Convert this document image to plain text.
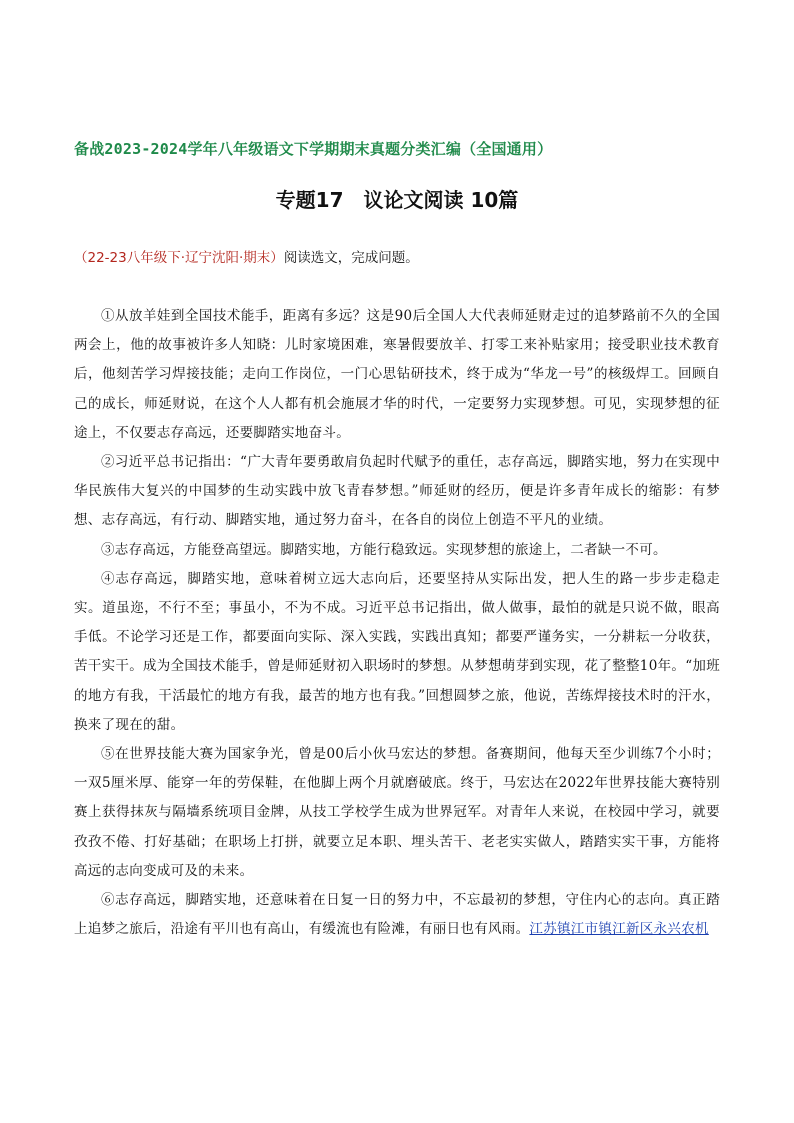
备战2023-2024学年八年级语文下学期期末真题分类汇编（全国通用）
专题17　议论文阅读 10篇
（22-23八年级下·辽宁沈阳·期末）阅读选文，完成问题。

①从放羊娃到全国技术能手，距离有多远？这是90后全国人大代表师延财走过的追梦路前不久的全国两会上，他的故事被许多人知晓：儿时家境困难，寒暑假要放羊、打零工来补贴家用；接受职业技术教育后，他刻苦学习焊接技能；走向工作岗位，一门心思钻研技术，终于成为“华龙一号”的核级焊工。回顾自己的成长，师延财说，在这个人人都有机会施展才华的时代，一定要努力实现梦想。可见，实现梦想的征途上，不仅要志存高远，还要脚踏实地奋斗。

②习近平总书记指出：“广大青年要勇敢肩负起时代赋予的重任，志存高远，脚踏实地，努力在实现中华民族伟大复兴的中国梦的生动实践中放飞青春梦想。”师延财的经历，便是许多青年成长的缩影：有梦想、志存高远，有行动、脚踏实地，通过努力奋斗，在各自的岗位上创造不平凡的业绩。

③志存高远，方能登高望远。脚踏实地，方能行稳致远。实现梦想的旅途上，二者缺一不可。

④志存高远，脚踏实地，意味着树立远大志向后，还要坚持从实际出发，把人生的路一步步走稳走实。道虽迩，不行不至；事虽小，不为不成。习近平总书记指出，做人做事，最怕的就是只说不做，眼高手低。不论学习还是工作，都要面向实际、深入实践，实践出真知；都要严谨务实，一分耕耘一分收获，苦干实干。成为全国技术能手，曾是师延财初入职场时的梦想。从梦想萌芽到实现，花了整整10年。“加班的地方有我，干活最忙的地方有我，最苦的地方也有我。”回想圆梦之旅，他说，苦练焊接技术时的汗水，换来了现在的甜。

⑤在世界技能大赛为国家争光，曾是00后小伙马宏达的梦想。备赛期间，他每天至少训练7个小时；一双5厘米厚、能穿一年的劳保鞋，在他脚上两个月就磨破底。终于，马宏达在2022年世界技能大赛特别赛上获得抹灰与隔墙系统项目金牌，从技工学校学生成为世界冠军。对青年人来说，在校园中学习，就要孜孜不倦、打好基础；在职场上打拼，就要立足本职、埋头苦干、老老实实做人，踏踏实实干事，方能将高远的志向变成可及的未来。

⑥志存高远，脚踏实地，还意味着在日复一日的努力中，不忘最初的梦想，守住内心的志向。真正踏上追梦之旅后，沿途有平川也有高山，有缓流也有险滩，有丽日也有风雨。江苏镇江市镇江新区永兴农机
